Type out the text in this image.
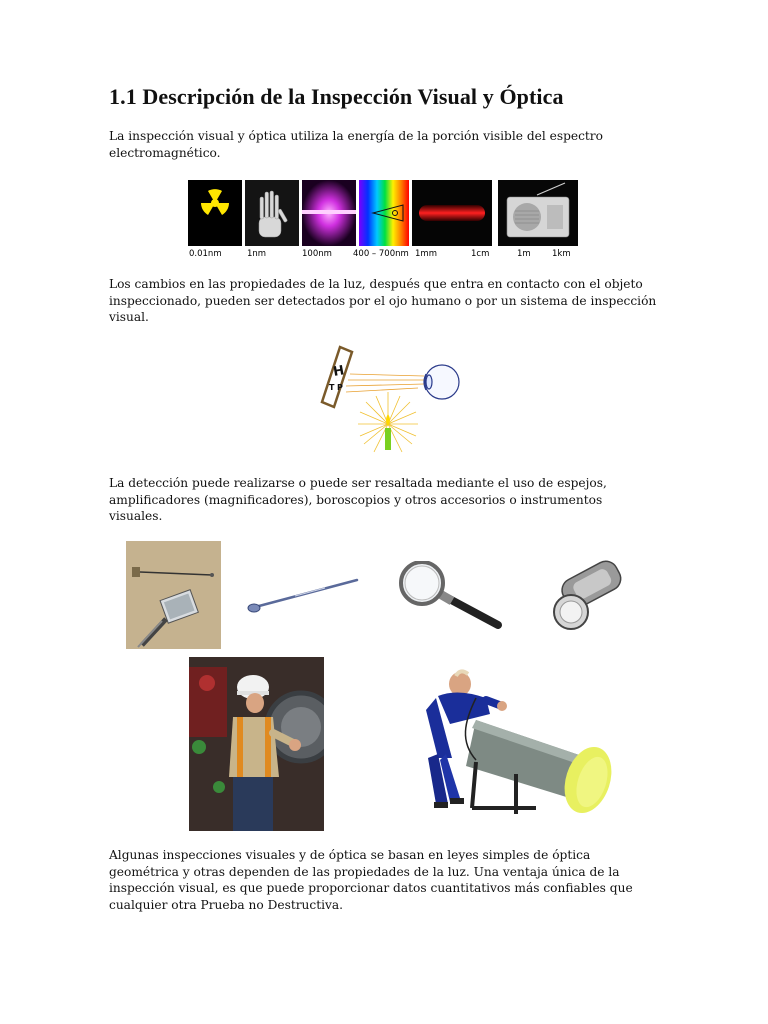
1.1 Descripción de la Inspección Visual y Óptica
La inspección visual y óptica utiliza la energía de la porción visible del espectro
electromagnético.
0.01nm	1nm	100nm 400 – 700nm 1mm	1cm	1m	1km
Los cambios en las propiedades de la luz, después que entra en contacto con el objeto
inspeccionado, pueden ser detectados por el ojo humano o por un sistema de inspección
visual.
H
T P
La detección puede realizarse o puede ser resaltada mediante el uso de espejos,
amplificadores (magnificadores), boroscopios y otros accesorios o instrumentos
visuales.
Algunas inspecciones visuales y de óptica se basan en leyes simples de óptica
geométrica y otras dependen de las propiedades de la luz. Una ventaja única de la
inspección visual, es que puede proporcionar datos cuantitativos más confiables que
cualquier otra Prueba no Destructiva.
